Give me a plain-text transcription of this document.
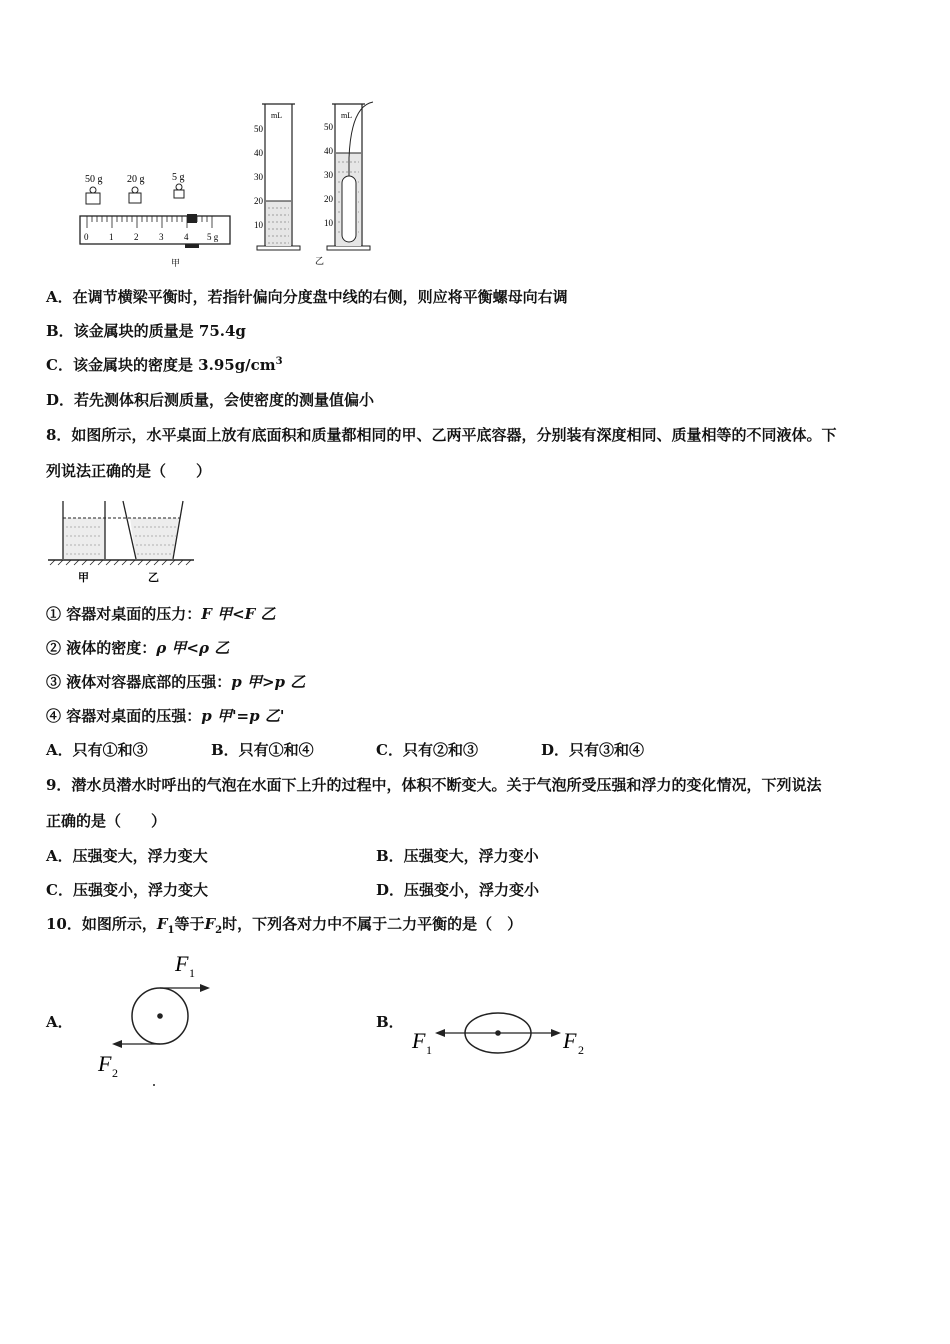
50 g 20 g	5 g
0 1 2 3 4 5 g
甲
mL
50
40
30
20
10
mL
50
40
30
20
10
乙
A．在调节横梁平衡时，若指针偏向分度盘中线的右侧，则应将平衡螺母向右调
B．该金属块的质量是 75.4g
C．该金属块的密度是 $3.95g/cm^3$
D．若先测体积后测质量，会使密度的测量值偏小
8．如图所示，水平桌面上放有底面积和质量都相同的甲、乙两平底容器，分别装有深度相同、质量相等的不同液体。下
列说法正确的是（　　）
甲	乙
① 容器对桌面的压力：F 甲<F 乙
② 液体的密度：ρ 甲<ρ 乙
③ 液体对容器底部的压强：p 甲>p 乙
④ 容器对桌面的压强：p 甲'=p 乙'
A．只有①和③	B．只有①和④	C．只有②和③	D．只有③和④
9．潜水员潜水时呼出的气泡在水面下上升的过程中，体积不断变大。关于气泡所受压强和浮力的变化情况，下列说法
正确的是（　　）
A．压强变大，浮力变大	B．压强变大，浮力变小
C．压强变小，浮力变大	D．压强变小，浮力变小
10．如图所示，$F_1$等于$F_2$时，下列各对力中不属于二力平衡的是（　）
A．
F 1
F 2
B．
F 1	F 2
